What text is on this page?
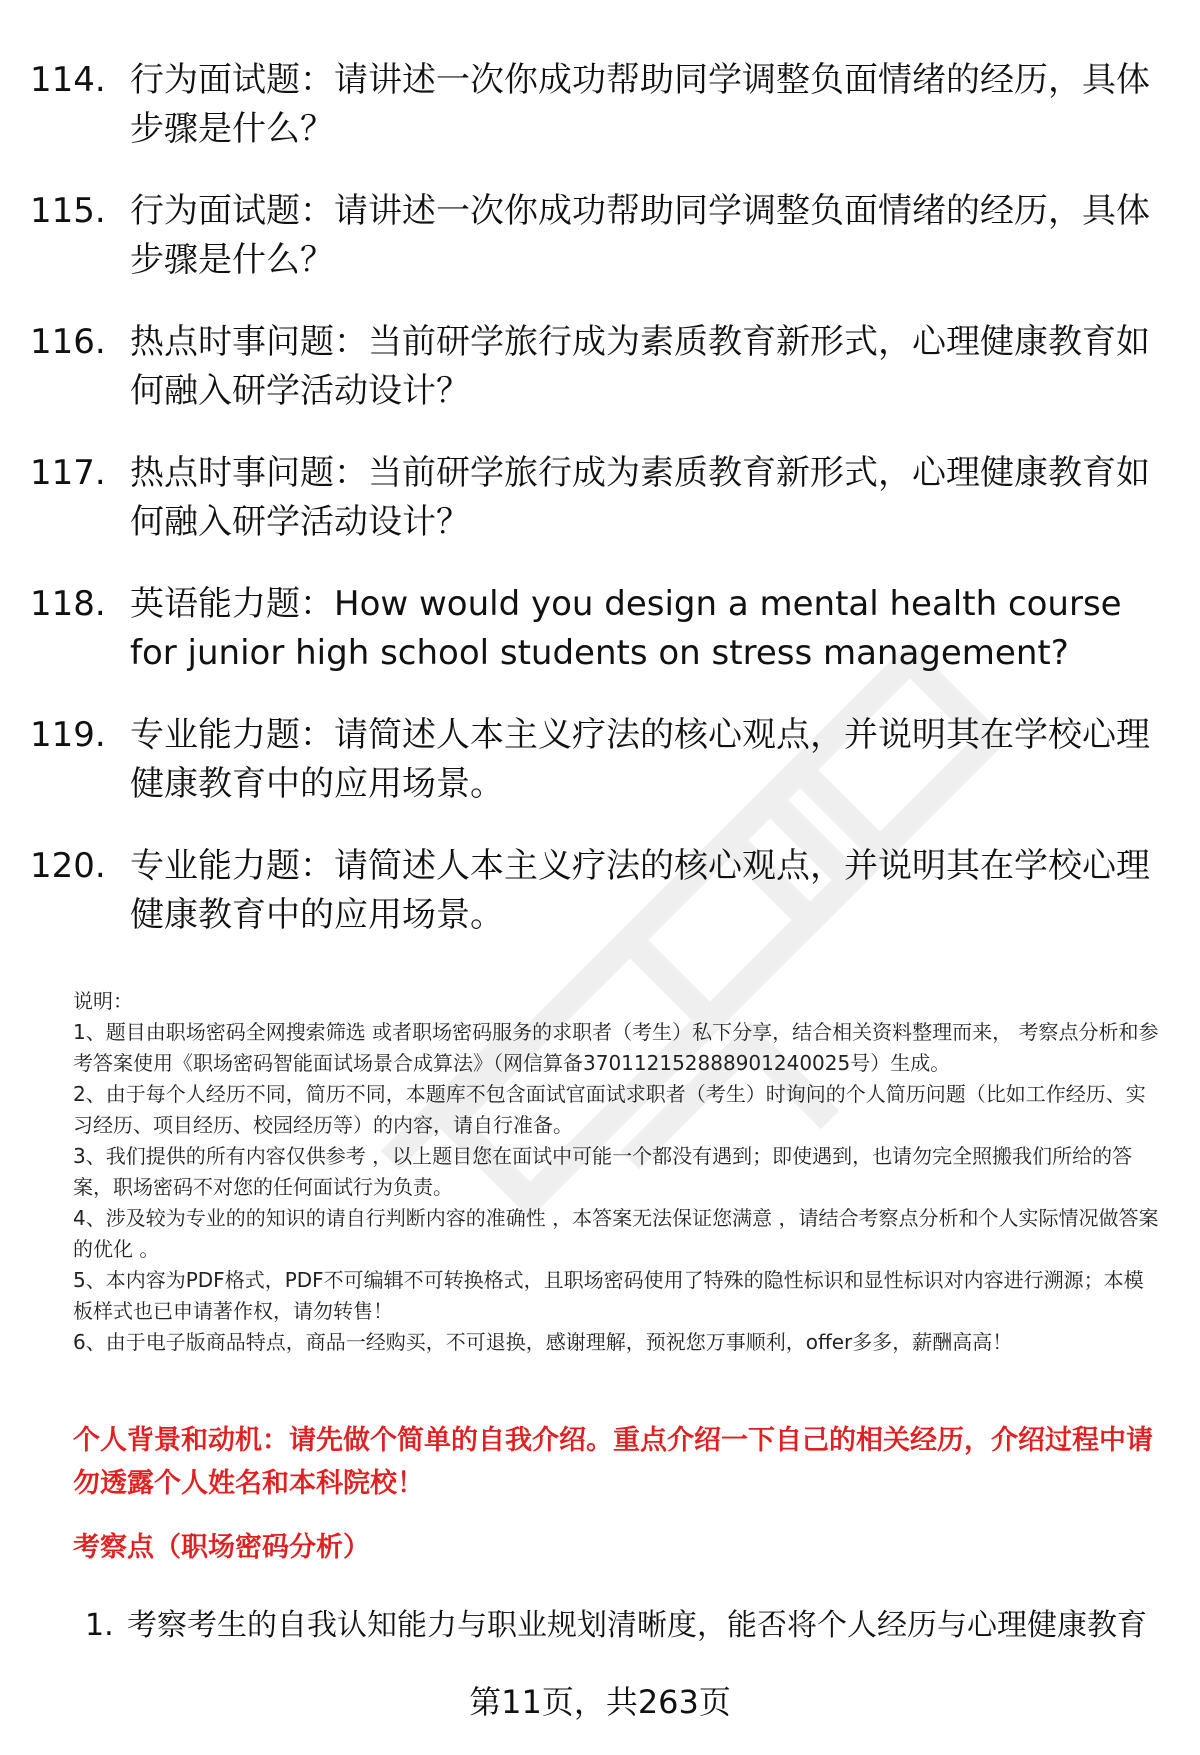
114. 行为面试题：请讲述一次你成功帮助同学调整负面情绪的经历，具体步骤是什么？
115. 行为面试题：请讲述一次你成功帮助同学调整负面情绪的经历，具体步骤是什么？
116. 热点时事问题：当前研学旅行成为素质教育新形式，心理健康教育如何融入研学活动设计？
117. 热点时事问题：当前研学旅行成为素质教育新形式，心理健康教育如何融入研学活动设计？
118. 英语能力题：How would you design a mental health course for junior high school students on stress management?
119. 专业能力题：请简述人本主义疗法的核心观点，并说明其在学校心理健康教育中的应用场景。
120. 专业能力题：请简述人本主义疗法的核心观点，并说明其在学校心理健康教育中的应用场景。

说明：

1、题目由职场密码全网搜索筛选 或者职场密码服务的求职者（考生）私下分享，结合相关资料整理而来， 考察点分析和参考答案使用《职场密码智能面试场景合成算法》（网信算备370112152888901240025号）生成。

2、由于每个人经历不同，简历不同，本题库不包含面试官面试求职者（考生）时询问的个人简历问题（比如工作经历、实习经历、项目经历、校园经历等）的内容，请自行准备。

3、我们提供的所有内容仅供参考 ，以上题目您在面试中可能一个都没有遇到；即使遇到，也请勿完全照搬我们所给的答案，职场密码不对您的任何面试行为负责。

4、涉及较为专业的的知识的请自行判断内容的准确性 ，本答案无法保证您满意 ，请结合考察点分析和个人实际情况做答案的优化 。

5、本内容为PDF格式，PDF不可编辑不可转换格式，且职场密码使用了特殊的隐性标识和显性标识对内容进行溯源；本模板样式也已申请著作权，请勿转售！

6、由于电子版商品特点，商品一经购买，不可退换，感谢理解，预祝您万事顺利，offer多多，薪酬高高！

个人背景和动机：请先做个简单的自我介绍。重点介绍一下自己的相关经历，介绍过程中请勿透露个人姓名和本科院校！
考察点（职场密码分析）
1. 考察考生的自我认知能力与职业规划清晰度，能否将个人经历与心理健康教育
第11页，共263页
